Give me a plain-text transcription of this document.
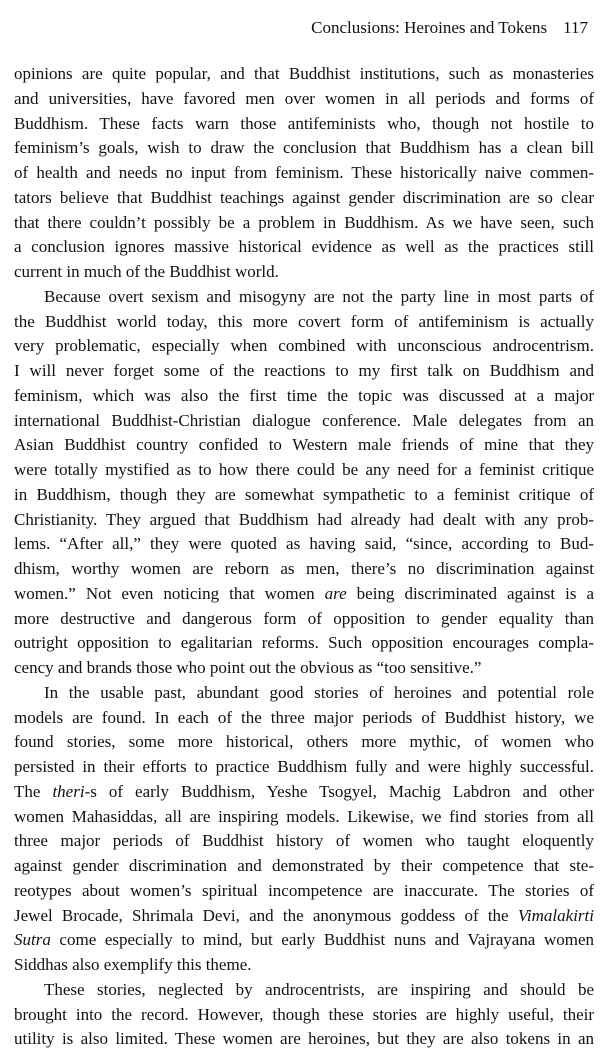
Conclusions: Heroines and Tokens 117
opinions are quite popular, and that Buddhist institutions, such as monasteries
and universities, have favored men over women in all periods and forms of
Buddhism. These facts warn those antifeminists who, though not hostile to
feminism’s goals, wish to draw the conclusion that Buddhism has a clean bill
of health and needs no input from feminism. These historically naive commen-
tators believe that Buddhist teachings against gender discrimination are so clear
that there couldn’t possibly be a problem in Buddhism. As we have seen, such
a conclusion ignores massive historical evidence as well as the practices still
current in much of the Buddhist world.
Because overt sexism and misogyny are not the party line in most parts of
the Buddhist world today, this more covert form of antifeminism is actually
very problematic, especially when combined with unconscious androcentrism.
I will never forget some of the reactions to my first talk on Buddhism and
feminism, which was also the first time the topic was discussed at a major
international Buddhist-Christian dialogue conference. Male delegates from an
Asian Buddhist country confided to Western male friends of mine that they
were totally mystified as to how there could be any need for a feminist critique
in Buddhism, though they are somewhat sympathetic to a feminist critique of
Christianity. They argued that Buddhism had already had dealt with any prob-
lems. “After all,” they were quoted as having said, “since, according to Bud-
dhism, worthy women are reborn as men, there’s no discrimination against
women.” Not even noticing that women are being discriminated against is a
more destructive and dangerous form of opposition to gender equality than
outright opposition to egalitarian reforms. Such opposition encourages compla-
cency and brands those who point out the obvious as “too sensitive.”
In the usable past, abundant good stories of heroines and potential role
models are found. In each of the three major periods of Buddhist history, we
found stories, some more historical, others more mythic, of women who
persisted in their efforts to practice Buddhism fully and were highly successful.
The theri-s of early Buddhism, Yeshe Tsogyel, Machig Labdron and other
women Mahasiddas, all are inspiring models. Likewise, we find stories from all
three major periods of Buddhist history of women who taught eloquently
against gender discrimination and demonstrated by their competence that ste-
reotypes about women’s spiritual incompetence are inaccurate. The stories of
Jewel Brocade, Shrimala Devi, and the anonymous goddess of the Vimalakirti
Sutra come especially to mind, but early Buddhist nuns and Vajrayana women
Siddhas also exemplify this theme.
These stories, neglected by androcentrists, are inspiring and should be
brought into the record. However, though these stories are highly useful, their
utility is also limited. These women are heroines, but they are also tokens in an
